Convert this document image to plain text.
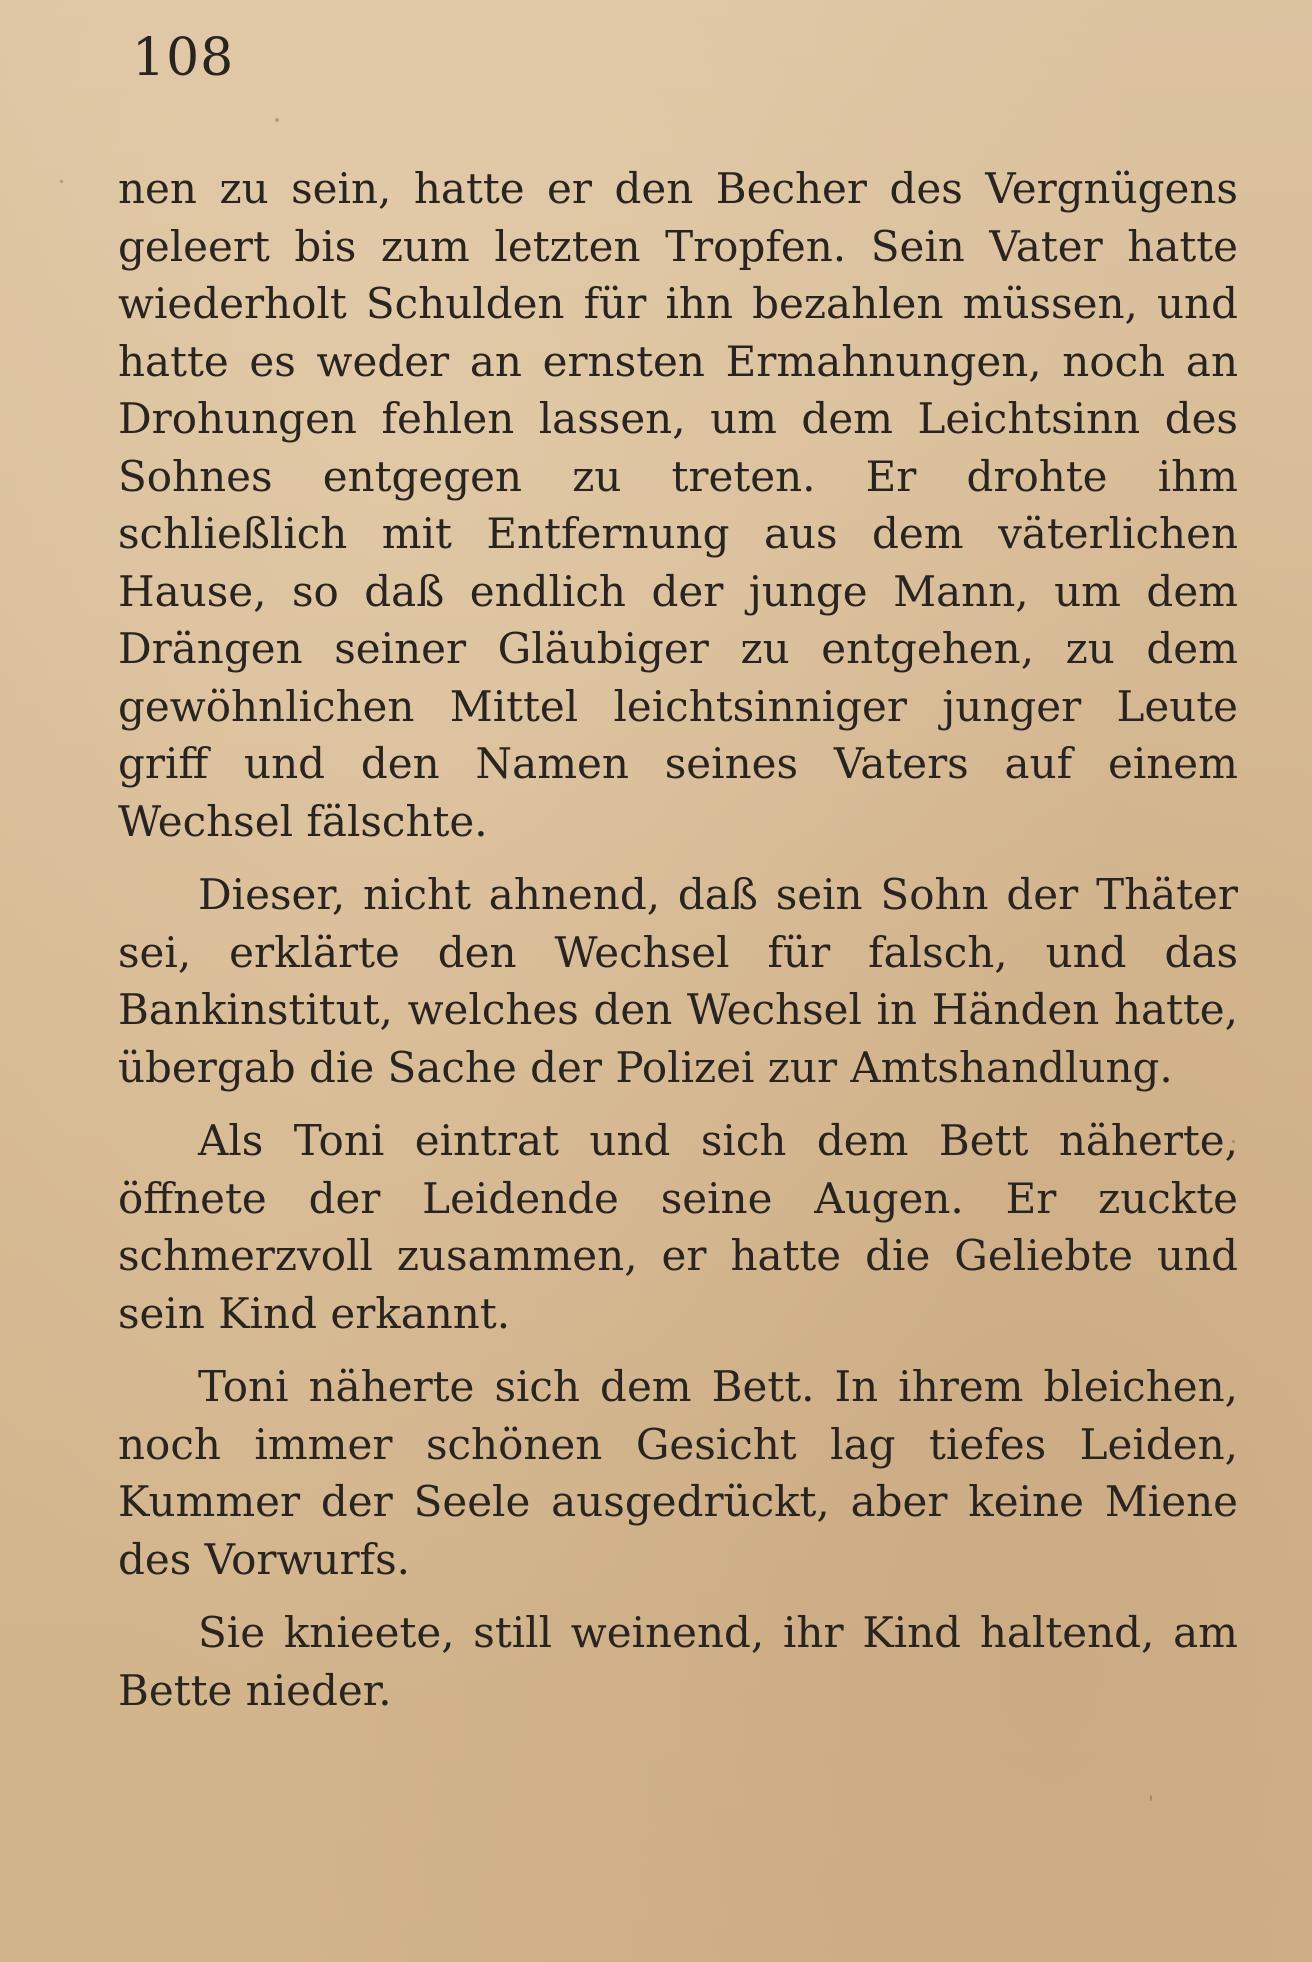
108

nen zu sein, hatte er den Becher des Vergnügens geleert bis zum letzten Tropfen. Sein Vater hatte wiederholt Schulden für ihn bezahlen müssen, und hatte es weder an ernsten Ermahnungen, noch an Drohungen fehlen lassen, um dem Leichtsinn des Sohnes entgegen zu treten. Er drohte ihm schließlich mit Entfernung aus dem väterlichen Hause, so daß endlich der junge Mann, um dem Drängen seiner Gläubiger zu entgehen, zu dem gewöhnlichen Mittel leichtsinniger junger Leute griff und den Namen seines Vaters auf einem Wechsel fälschte.

Dieser, nicht ahnend, daß sein Sohn der Thäter sei, erklärte den Wechsel für falsch, und das Bankinstitut, welches den Wechsel in Händen hatte, übergab die Sache der Polizei zur Amtshandlung.

Als Toni eintrat und sich dem Bett näherte, öffnete der Leidende seine Augen. Er zuckte schmerzvoll zusammen, er hatte die Geliebte und sein Kind erkannt.

Toni näherte sich dem Bett. In ihrem bleichen, noch immer schönen Gesicht lag tiefes Leiden, Kummer der Seele ausgedrückt, aber keine Miene des Vorwurfs.

Sie knieete, still weinend, ihr Kind haltend, am Bette nieder.
